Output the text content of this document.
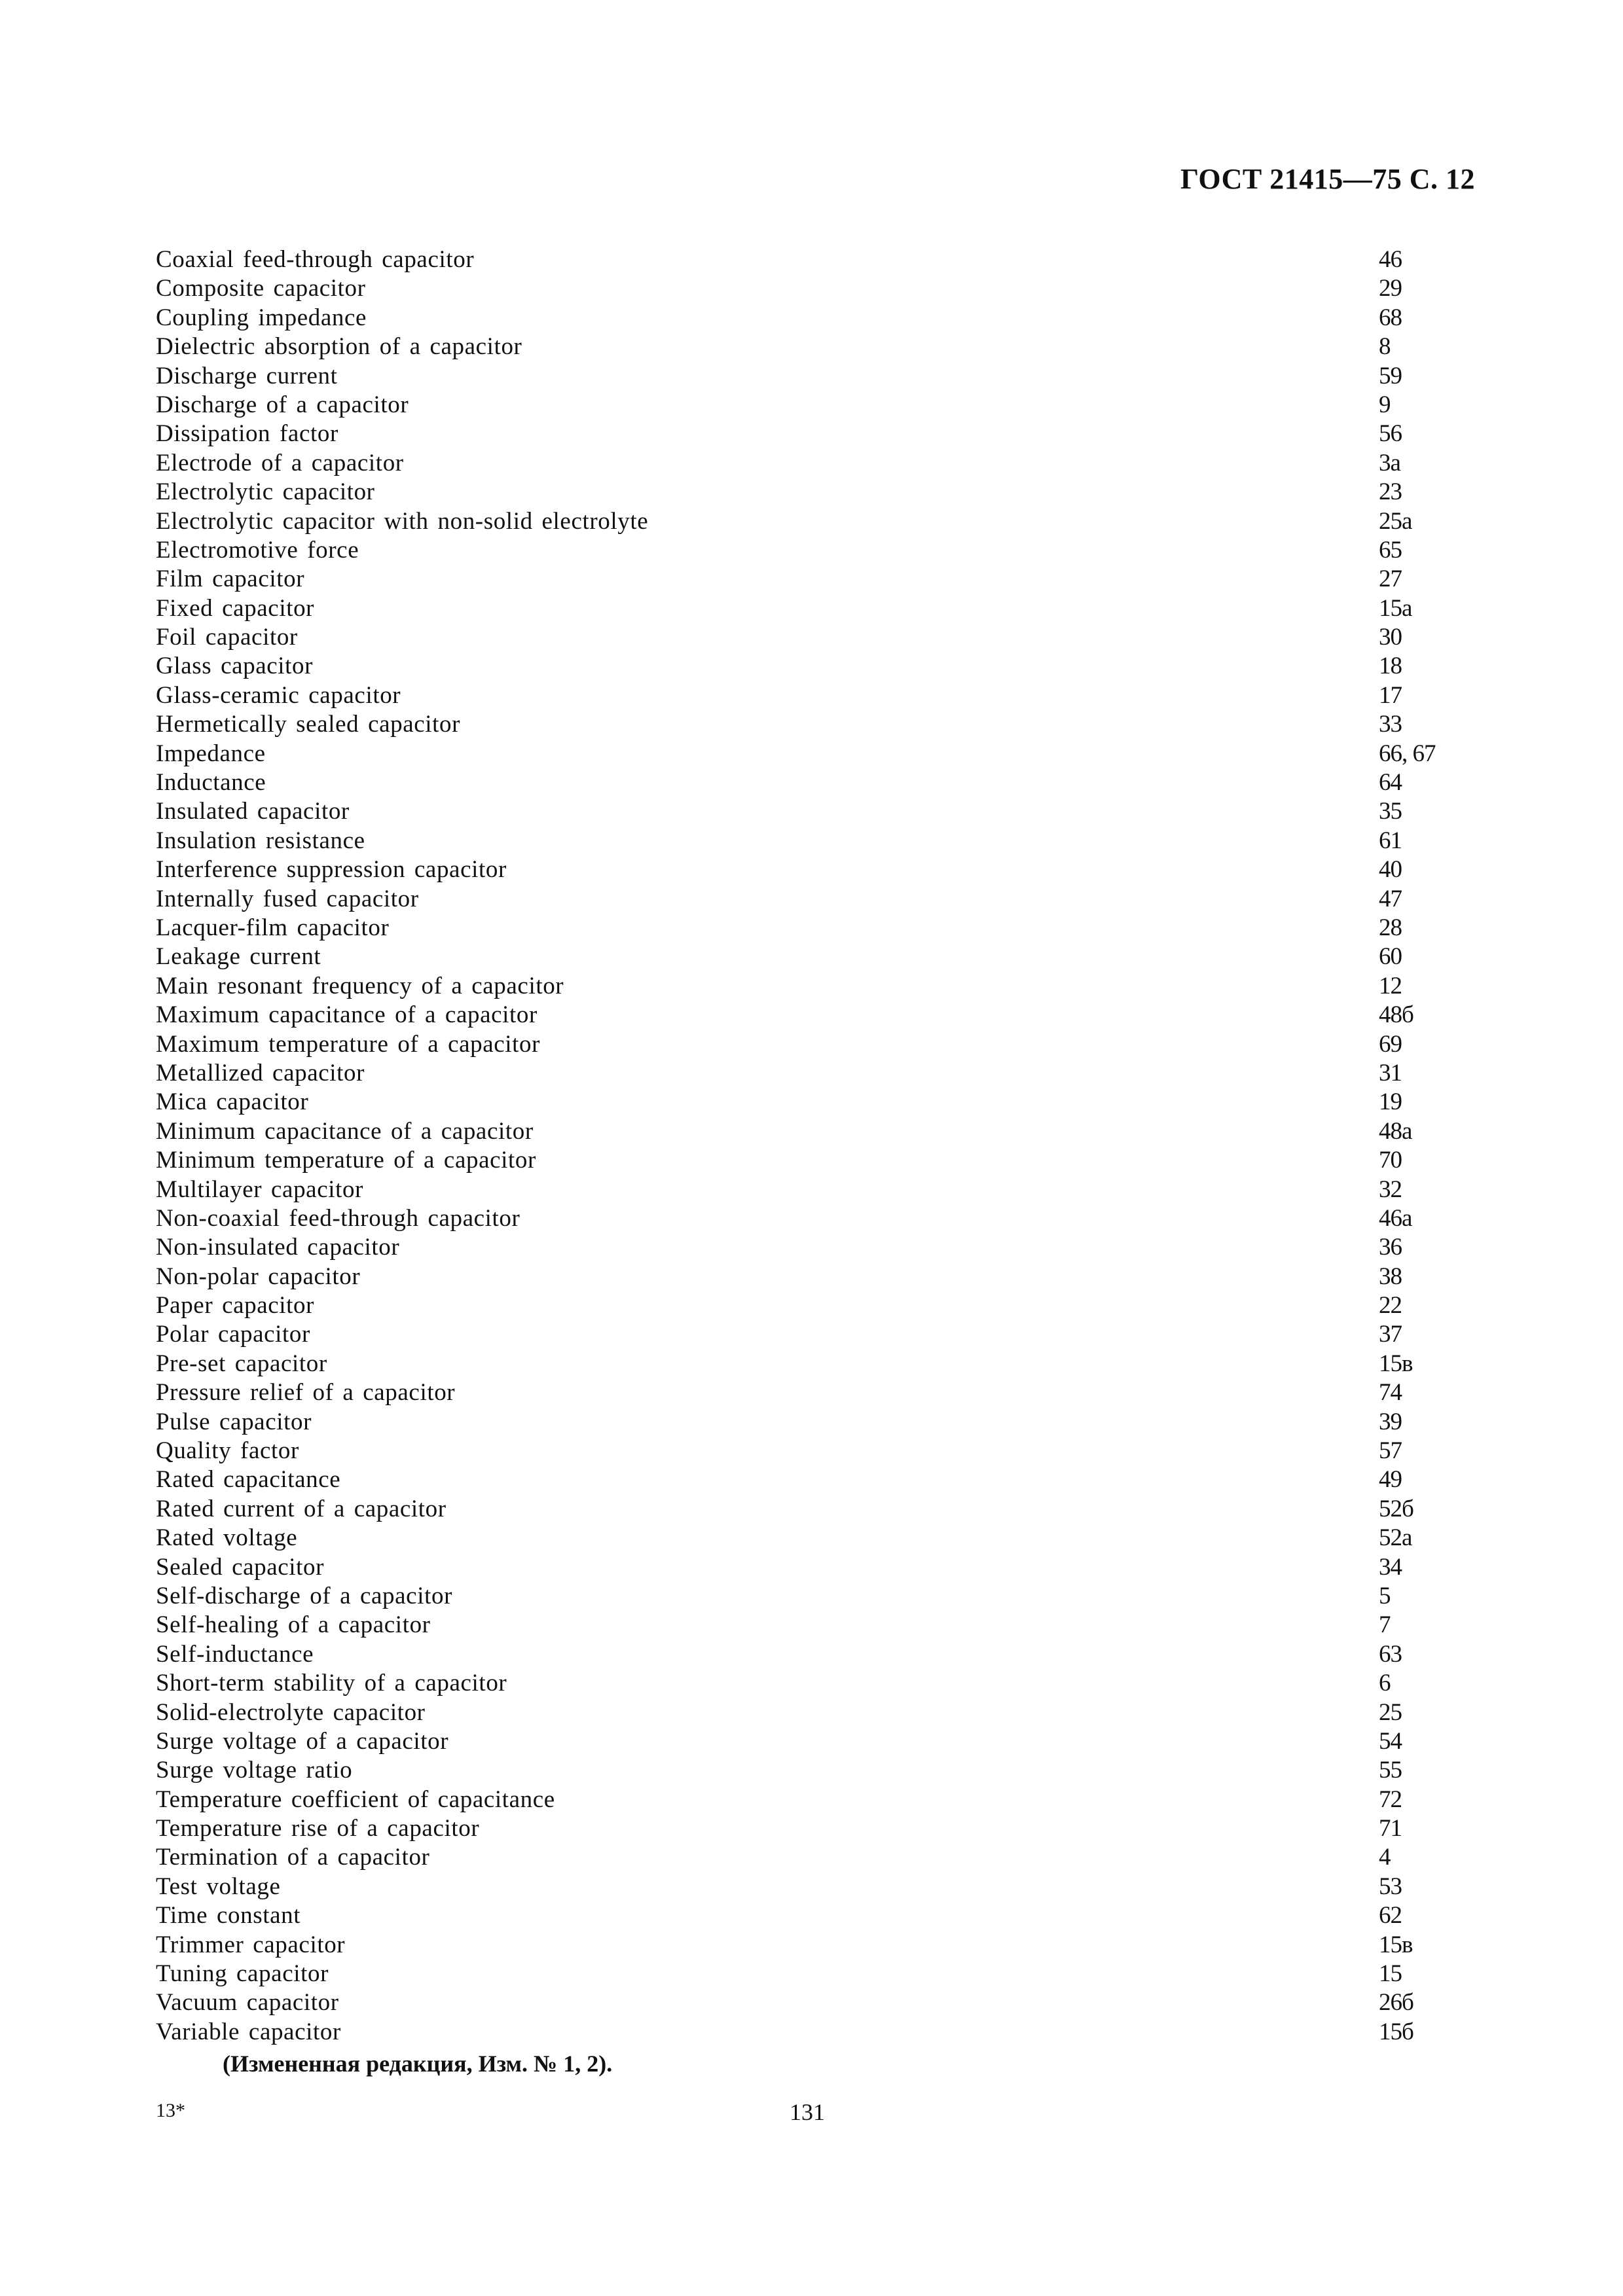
ГОСТ 21415—75 С. 12
Coaxial feed-through capacitor	46
Composite capacitor	29
Coupling impedance	68
Dielectric absorption of a capacitor	8
Discharge current	59
Discharge of a capacitor	9
Dissipation factor	56
Electrode of a capacitor	3a
Electrolytic capacitor	23
Electrolytic capacitor with non-solid electrolyte	25a
Electromotive force	65
Film capacitor	27
Fixed capacitor	15a
Foil capacitor	30
Glass capacitor	18
Glass-ceramic capacitor	17
Hermetically sealed capacitor	33
Impedance	66, 67
Inductance	64
Insulated capacitor	35
Insulation resistance	61
Interference suppression capacitor	40
Internally fused capacitor	47
Lacquer-film capacitor	28
Leakage current	60
Main resonant frequency of a capacitor	12
Maximum capacitance of a capacitor	48б
Maximum temperature of a capacitor	69
Metallized capacitor	31
Mica capacitor	19
Minimum capacitance of a capacitor	48a
Minimum temperature of a capacitor	70
Multilayer capacitor	32
Non-coaxial feed-through capacitor	46a
Non-insulated capacitor	36
Non-polar capacitor	38
Paper capacitor	22
Polar capacitor	37
Pre-set capacitor	15в
Pressure relief of a capacitor	74
Pulse capacitor	39
Quality factor	57
Rated capacitance	49
Rated current of a capacitor	52б
Rated voltage	52a
Sealed capacitor	34
Self-discharge of a capacitor	5
Self-healing of a capacitor	7
Self-inductance	63
Short-term stability of a capacitor	6
Solid-electrolyte capacitor	25
Surge voltage of a capacitor	54
Surge voltage ratio	55
Temperature coefficient of capacitance	72
Temperature rise of a capacitor	71
Termination of a capacitor	4
Test voltage	53
Time constant	62
Trimmer capacitor	15в
Tuning capacitor	15
Vacuum capacitor	26б
Variable capacitor	15б
(Измененная редакция, Изм. № 1, 2).
13*	131
